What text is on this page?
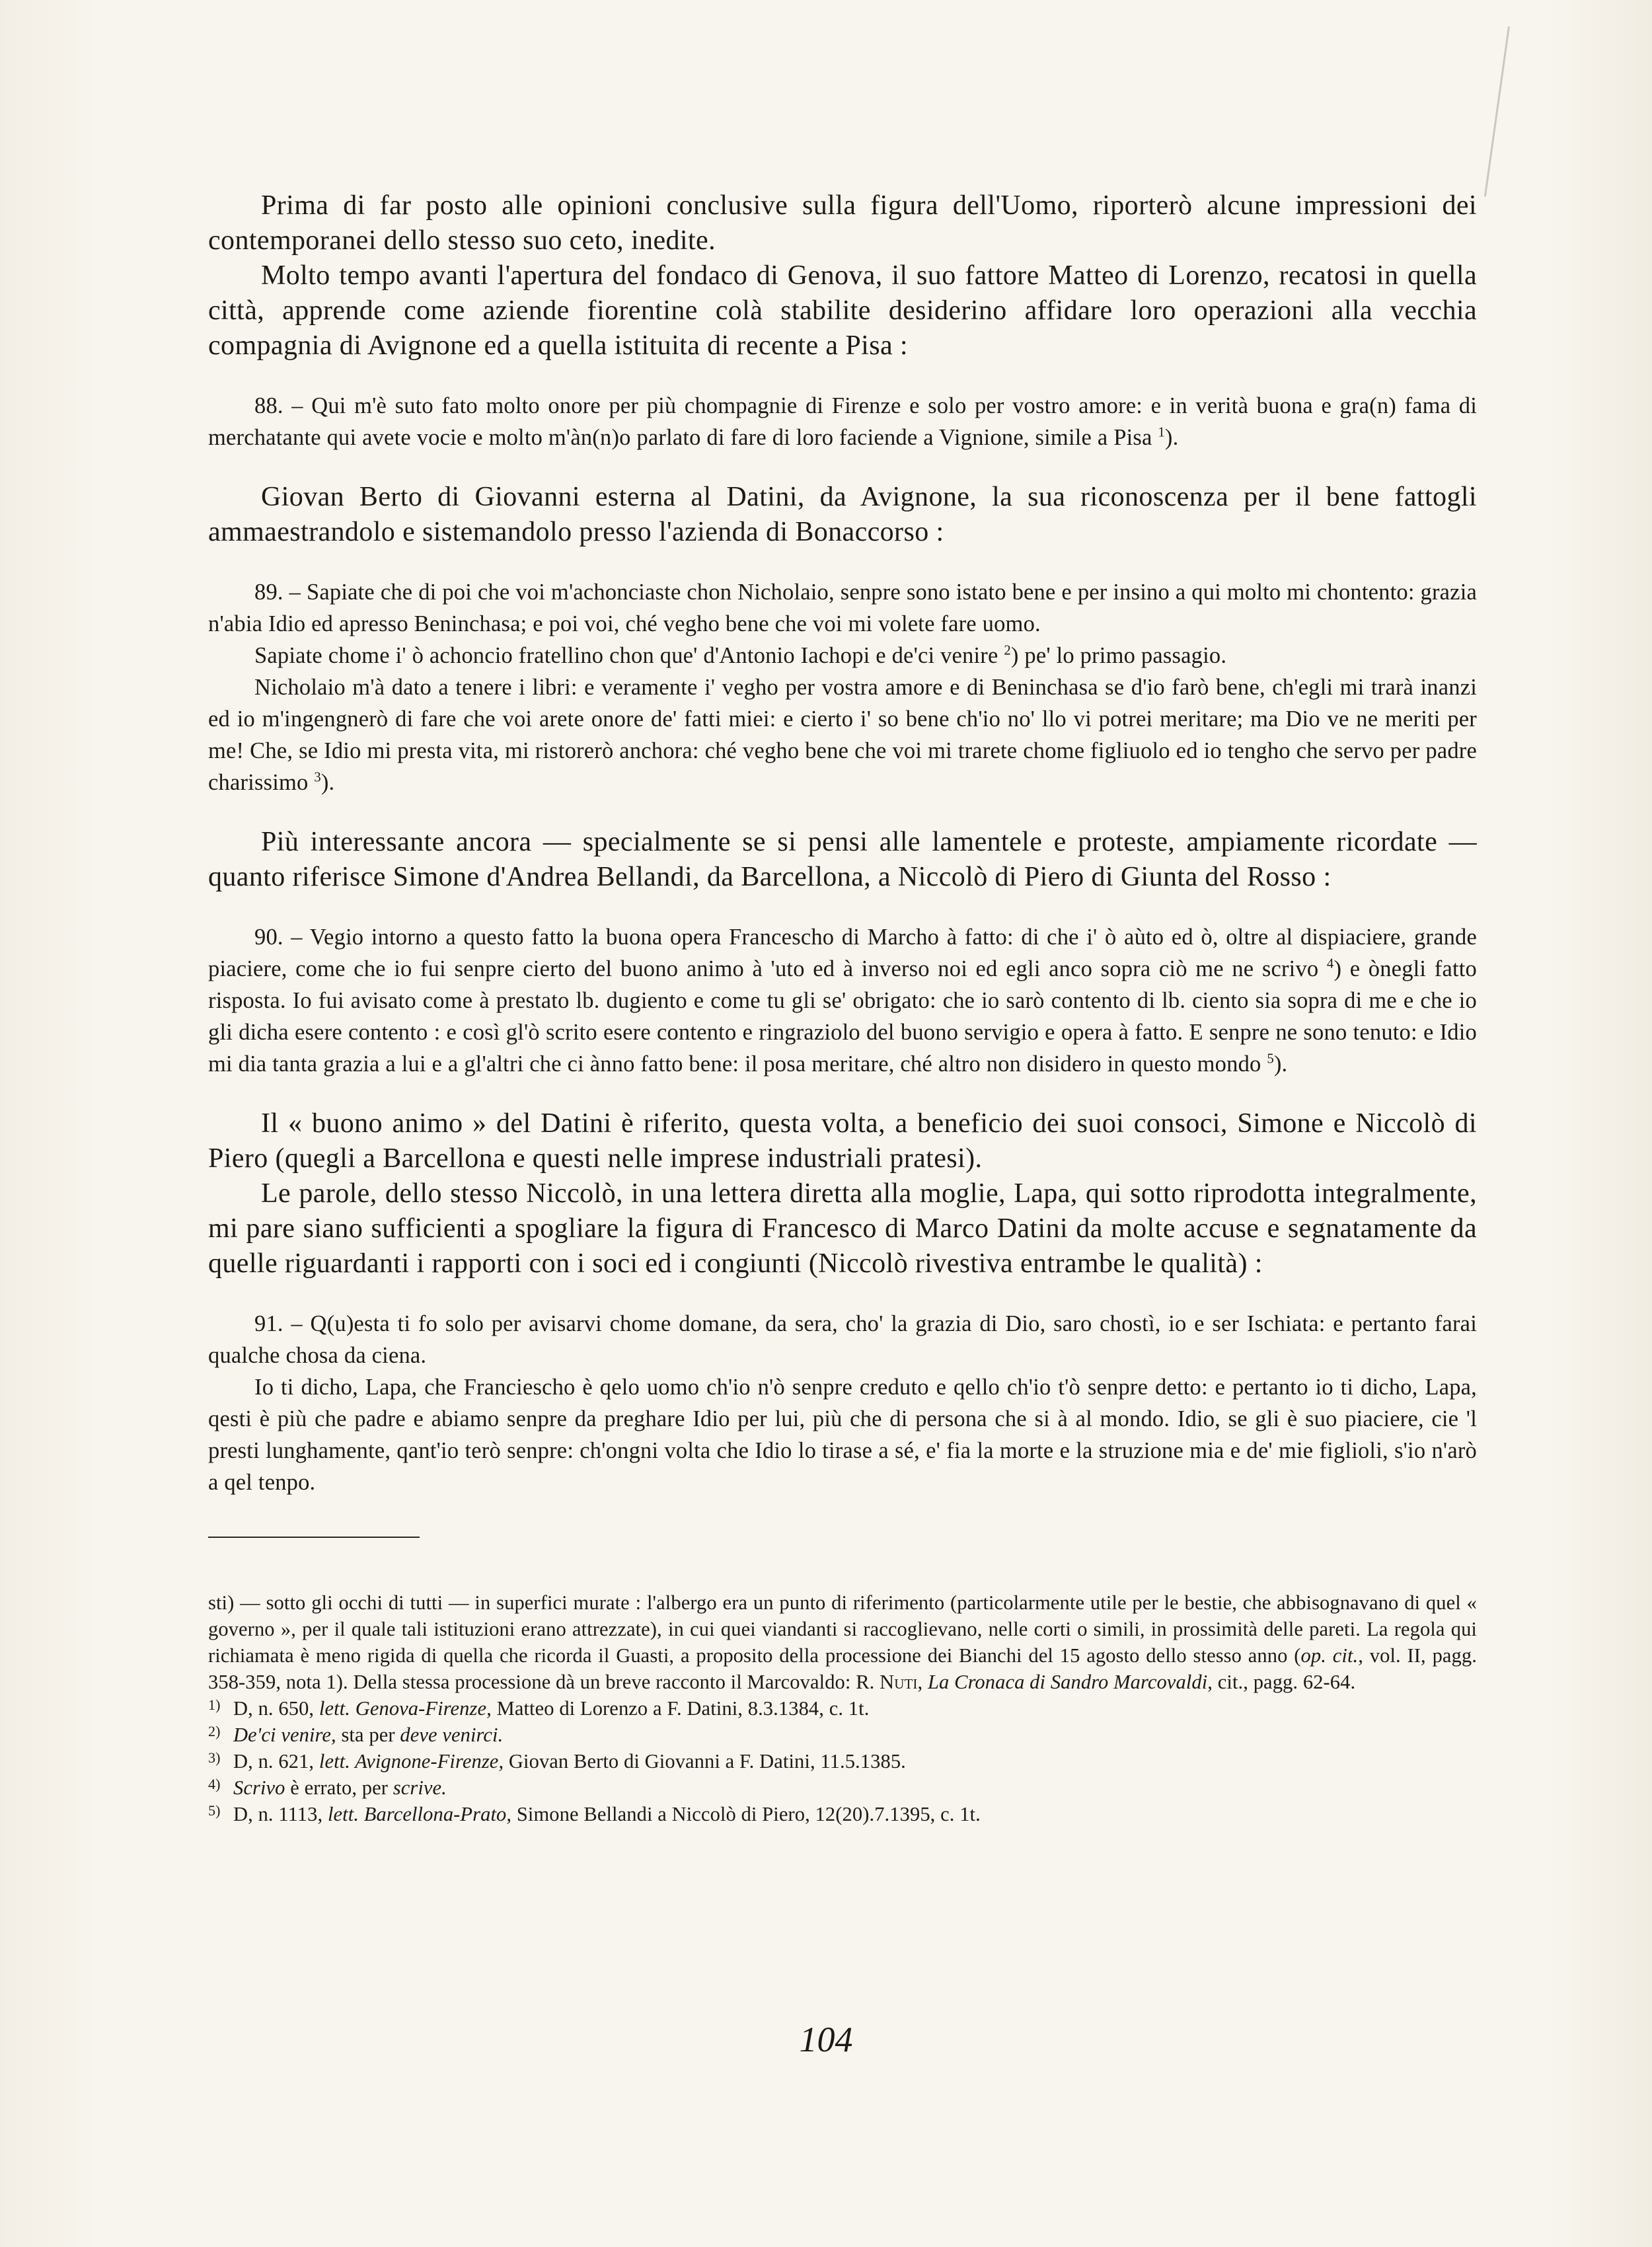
Prima di far posto alle opinioni conclusive sulla figura dell'Uomo, riporterò alcune impressioni dei contemporanei dello stesso suo ceto, inedite.

Molto tempo avanti l'apertura del fondaco di Genova, il suo fattore Matteo di Lorenzo, recatosi in quella città, apprende come aziende fiorentine colà stabilite desiderino affidare loro operazioni alla vecchia compagnia di Avignone ed a quella istituita di recente a Pisa :

88. – Qui m'è suto fato molto onore per più chompagnie di Firenze e solo per vostro amore: e in verità buona e gra(n) fama di merchatante qui avete vocie e molto m'àn(n)o parlato di fare di loro faciende a Vignione, simile a Pisa $^1$).

Giovan Berto di Giovanni esterna al Datini, da Avignone, la sua riconoscenza per il bene fattogli ammaestrandolo e sistemandolo presso l'azienda di Bonaccorso :

89. – Sapiate che di poi che voi m'achonciaste chon Nicholaio, senpre sono istato bene e per insino a qui molto mi chontento: grazia n'abia Idio ed apresso Beninchasa; e poi voi, ché vegho bene che voi mi volete fare uomo.

Sapiate chome i' ò achoncio fratellino chon que' d'Antonio Iachopi e de'ci venire $^2$) pe' lo primo passagio.

Nicholaio m'à dato a tenere i libri: e veramente i' vegho per vostra amore e di Beninchasa se d'io farò bene, ch'egli mi trarà inanzi ed io m'ingengnerò di fare che voi arete onore de' fatti miei: e cierto i' so bene ch'io no' llo vi potrei meritare; ma Dio ve ne meriti per me! Che, se Idio mi presta vita, mi ristorerò anchora: ché vegho bene che voi mi trarete chome figliuolo ed io tengho che servo per padre charissimo $^3$).

Più interessante ancora — specialmente se si pensi alle lamentele e proteste, ampiamente ricordate — quanto riferisce Simone d'Andrea Bellandi, da Barcellona, a Niccolò di Piero di Giunta del Rosso :

90. – Vegio intorno a questo fatto la buona opera Francescho di Marcho à fatto: di che i' ò aùto ed ò, oltre al dispiaciere, grande piaciere, come che io fui senpre cierto del buono animo à 'uto ed à inverso noi ed egli anco sopra ciò me ne scrivo $^4$) e ònegli fatto risposta. Io fui avisato come à prestato lb. dugiento e come tu gli se' obrigato: che io sarò contento di lb. ciento sia sopra di me e che io gli dicha esere contento : e così gl'ò scrito esere contento e ringraziolo del buono servigio e opera à fatto. E senpre ne sono tenuto: e Idio mi dia tanta grazia a lui e a gl'altri che ci ànno fatto bene: il posa meritare, ché altro non disidero in questo mondo $^5$).

Il « buono animo » del Datini è riferito, questa volta, a beneficio dei suoi consoci, Simone e Niccolò di Piero (quegli a Barcellona e questi nelle imprese industriali pratesi).

Le parole, dello stesso Niccolò, in una lettera diretta alla moglie, Lapa, qui sotto riprodotta integralmente, mi pare siano sufficienti a spogliare la figura di Francesco di Marco Datini da molte accuse e segnatamente da quelle riguardanti i rapporti con i soci ed i congiunti (Niccolò rivestiva entrambe le qualità) :

91. – Q(u)esta ti fo solo per avisarvi chome domane, da sera, cho' la grazia di Dio, saro chostì, io e ser Ischiata: e pertanto farai qualche chosa da ciena.

Io ti dicho, Lapa, che Franciescho è qelo uomo ch'io n'ò senpre creduto e qello ch'io t'ò senpre detto: e pertanto io ti dicho, Lapa, qesti è più che padre e abiamo senpre da preghare Idio per lui, più che di persona che si à al mondo. Idio, se gli è suo piaciere, cie 'l presti lunghamente, qant'io terò senpre: ch'ongni volta che Idio lo tirase a sé, e' fia la morte e la struzione mia e de' mie figlioli, s'io n'arò a qel tenpo.

sti) — sotto gli occhi di tutti — in superfici murate : l'albergo era un punto di riferimento (particolarmente utile per le bestie, che abbisognavano di quel « governo », per il quale tali istituzioni erano attrezzate), in cui quei viandanti si raccoglievano, nelle corti o simili, in prossimità delle pareti. La regola qui richiamata è meno rigida di quella che ricorda il Guasti, a proposito della processione dei Bianchi del 15 agosto dello stesso anno (op. cit., vol. II, pagg. 358-359, nota 1). Della stessa processione dà un breve racconto il Marcovaldo: R. Nuti, La Cronaca di Sandro Marcovaldi, cit., pagg. 62-64.

1) D, n. 650, lett. Genova-Firenze, Matteo di Lorenzo a F. Datini, 8.3.1384, c. 1t.

2) De'ci venire, sta per deve venirci.

3) D, n. 621, lett. Avignone-Firenze, Giovan Berto di Giovanni a F. Datini, 11.5.1385.

4) Scrivo è errato, per scrive.

5) D, n. 1113, lett. Barcellona-Prato, Simone Bellandi a Niccolò di Piero, 12(20).7.1395, c. 1t.

104
